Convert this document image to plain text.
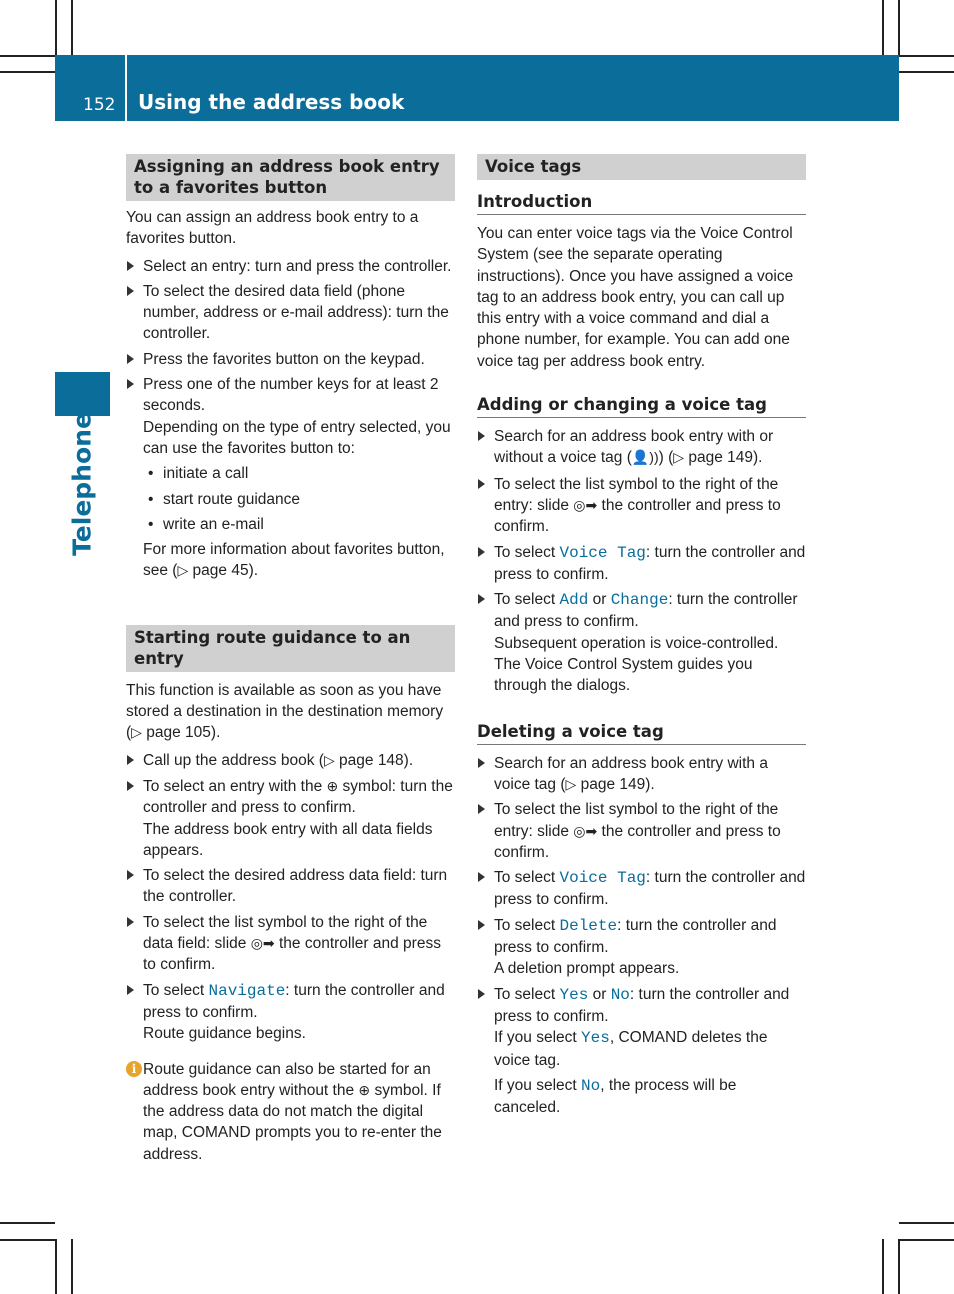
152 Using the address book
Telephone
Assigning an address book entry to a favorites button

You can assign an address book entry to a favorites button.

Select an entry: turn and press the controller.
To select the desired data field (phone number, address or e-mail address): turn the controller.
Press the favorites button on the keypad.
Press one of the number keys for at least 2 seconds.

Depending on the type of entry selected, you can use the favorites button to:

• initiate a call
• start route guidance
• write an e-mail

For more information about favorites button, see (▷ page 45).

Starting route guidance to an entry

This function is available as soon as you have stored a destination in the destination memory (▷ page 105).

Call up the address book (▷ page 148).
To select an entry with the ⊕ symbol: turn the controller and press to confirm.

The address book entry with all data fields appears.

To select the desired address data field: turn the controller.
To select the list symbol to the right of the data field: slide ◎➡ the controller and press to confirm.
To select Navigate: turn the controller and press to confirm.

Route guidance begins.

i Route guidance can also be started for an address book entry without the ⊕ symbol. If the address data do not match the digital map, COMAND prompts you to re-enter the address.
Voice tags
Introduction

You can enter voice tags via the Voice Control System (see the separate operating instructions). Once you have assigned a voice tag to an address book entry, you can call up this entry with a voice command and dial a phone number, for example. You can add one voice tag per address book entry.

Adding or changing a voice tag
Search for an address book entry with or without a voice tag (👤))) (▷ page 149).
To select the list symbol to the right of the entry: slide ◎➡ the controller and press to confirm.
To select Voice Tag: turn the controller and press to confirm.
To select Add or Change: turn the controller and press to confirm.

Subsequent operation is voice-controlled. The Voice Control System guides you through the dialogs.

Deleting a voice tag
Search for an address book entry with a voice tag (▷ page 149).
To select the list symbol to the right of the entry: slide ◎➡ the controller and press to confirm.
To select Voice Tag: turn the controller and press to confirm.
To select Delete: turn the controller and press to confirm.

A deletion prompt appears.

To select Yes or No: turn the controller and press to confirm.

If you select Yes, COMAND deletes the voice tag.

If you select No, the process will be canceled.
